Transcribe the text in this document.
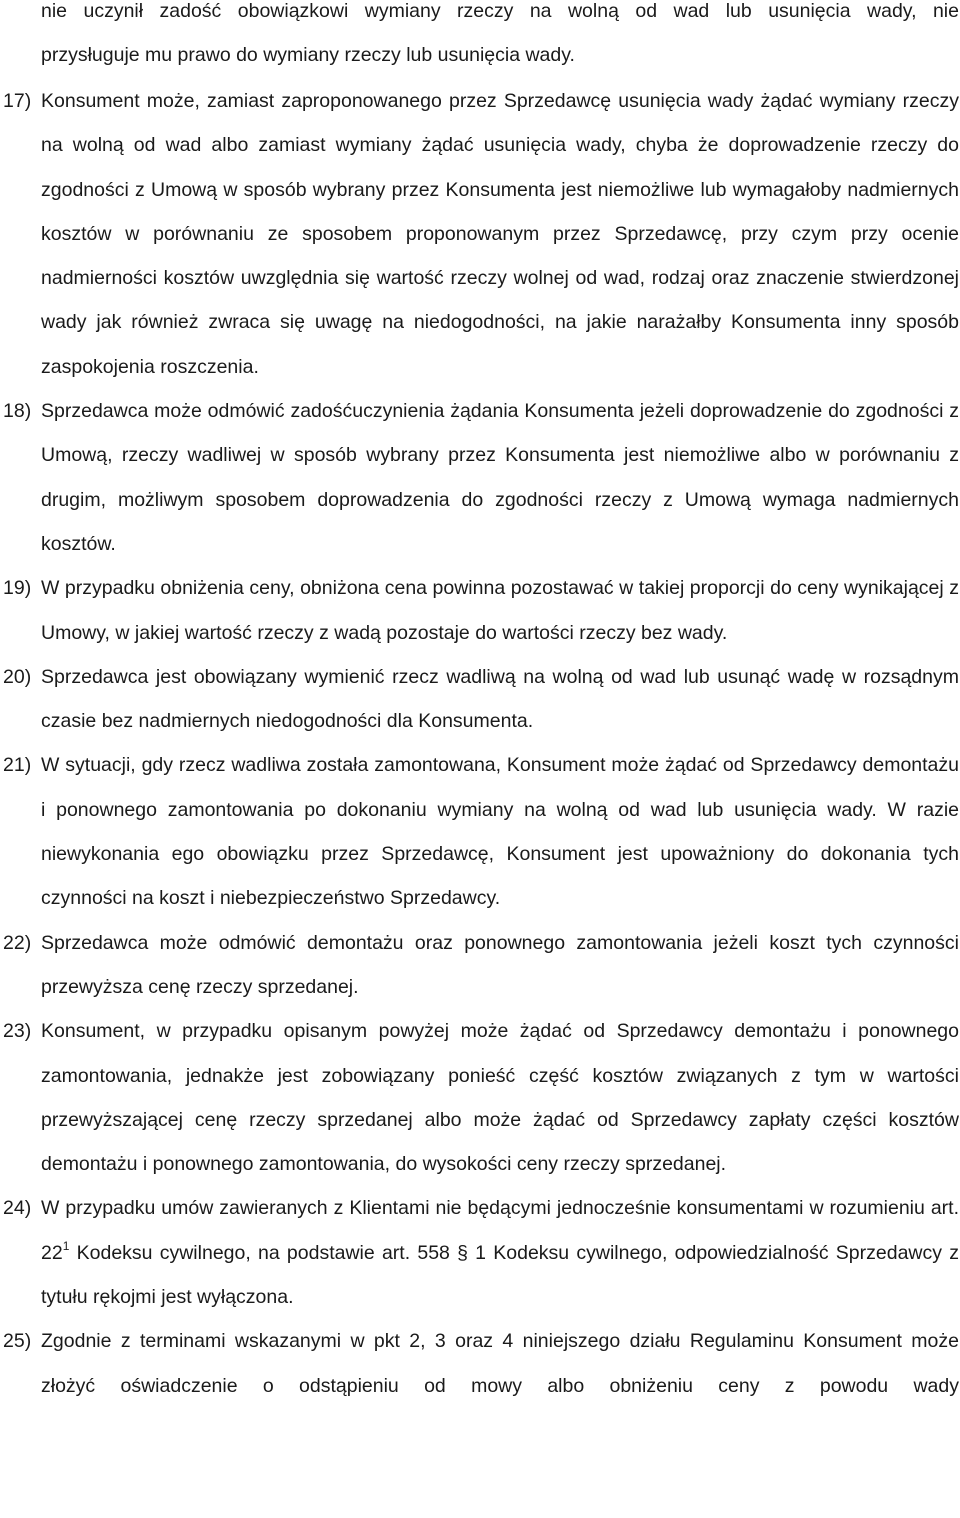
nie uczynił zadość obowiązkowi wymiany rzeczy na wolną od wad lub usunięcia wady, nie
przysługuje mu prawo do wymiany rzeczy lub usunięcia wady.
17) Konsument może, zamiast zaproponowanego przez Sprzedawcę usunięcia wady żądać wymiany rzeczy na wolną od wad albo zamiast wymiany żądać usunięcia wady, chyba że doprowadzenie rzeczy do zgodności z Umową w sposób wybrany przez Konsumenta jest niemożliwe lub wymagałoby nadmiernych kosztów w porównaniu ze sposobem proponowanym przez Sprzedawcę, przy czym przy ocenie nadmierności kosztów uwzględnia się wartość rzeczy wolnej od wad, rodzaj oraz znaczenie stwierdzonej wady jak również zwraca się uwagę na niedogodności, na jakie narażałby Konsumenta inny sposób zaspokojenia roszczenia.
18) Sprzedawca może odmówić zadośćuczynienia żądania Konsumenta jeżeli doprowadzenie do zgodności z Umową, rzeczy wadliwej w sposób wybrany przez Konsumenta jest niemożliwe albo w porównaniu z drugim, możliwym sposobem doprowadzenia do zgodności rzeczy z Umową wymaga nadmiernych kosztów.
19) W przypadku obniżenia ceny, obniżona cena powinna pozostawać w takiej proporcji do ceny wynikającej z Umowy, w jakiej wartość rzeczy z wadą pozostaje do wartości rzeczy bez wady.
20) Sprzedawca jest obowiązany wymienić rzecz wadliwą na wolną od wad lub usunąć wadę w rozsądnym czasie bez nadmiernych niedogodności dla Konsumenta.
21) W sytuacji, gdy rzecz wadliwa została zamontowana, Konsument może żądać od Sprzedawcy demontażu i ponownego zamontowania po dokonaniu wymiany na wolną od wad lub usunięcia wady. W razie niewykonania ego obowiązku przez Sprzedawcę, Konsument jest upoważniony do dokonania tych czynności na koszt i niebezpieczeństwo Sprzedawcy.
22) Sprzedawca może odmówić demontażu oraz ponownego zamontowania jeżeli koszt tych czynności przewyższa cenę rzeczy sprzedanej.
23) Konsument, w przypadku opisanym powyżej może żądać od Sprzedawcy demontażu i ponownego zamontowania, jednakże jest zobowiązany ponieść część kosztów związanych z tym w wartości przewyższającej cenę rzeczy sprzedanej albo może żądać od Sprzedawcy zapłaty części kosztów demontażu i ponownego zamontowania, do wysokości ceny rzeczy sprzedanej.
24) W przypadku umów zawieranych z Klientami nie będącymi jednocześnie konsumentami w rozumieniu art. $22^1$ Kodeksu cywilnego, na podstawie art. 558 § 1 Kodeksu cywilnego, odpowiedzialność Sprzedawcy z tytułu rękojmi jest wyłączona.
25) Zgodnie z terminami wskazanymi w pkt 2, 3 oraz 4 niniejszego działu Regulaminu Konsument może złożyć oświadczenie o odstąpieniu od mowy albo obniżeniu ceny z powodu wady
